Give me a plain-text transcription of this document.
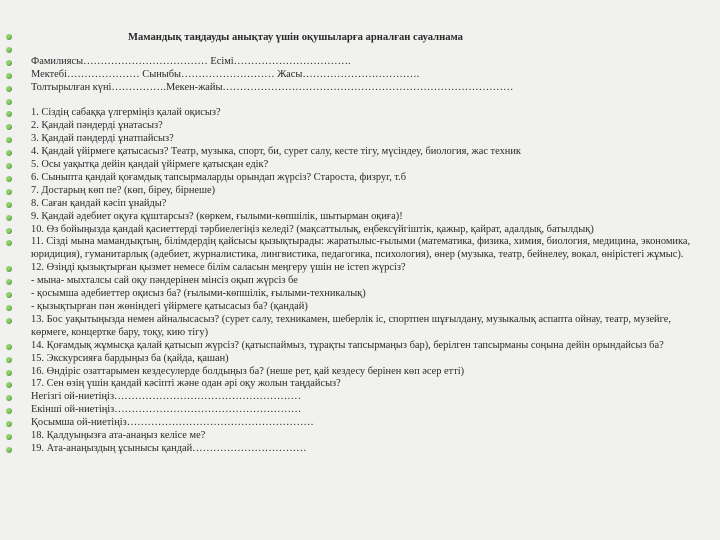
Мамандық таңдауды анықтау үшін оқушыларға арналған сауалнама
Фамилиясы……………………………… Есімі…………………………….
Мектебі………………… Сыныбы……………………… Жасы…………………………….
Толтырылған күні…………….Мекен-жайы…………………………………………………………………………
1. Сіздің сабаққа үлгерміңіз қалай оқисыз?
2. Қандай пәндерді ұнатасыз?
3. Қандай пәндерді ұнатпайсыз?
4. Қандай үйірмеге қатысасыз? Театр, музыка, спорт, би, сурет салу, кесте тігу, мүсіндеу, биология, жас техник
5. Осы уақытқа дейін қандай үйірмеге қатысқан едік?
6. Сыныпта қандай қоғамдық тапсырмаларды орындап жүрсіз? Староста, физруг, т.б
7. Достарың көп пе? (көп, біреу, бірнеше)
8. Саған қандай кәсіп ұнайды?
9. Қандай әдебиет оқуға құштарсыз? (көркем, ғылыми-көпшілік, шытырман оқиға)!
10. Өз бойыңызда қандай қасиеттерді тәрбиелегіңіз келеді? (мақсаттылық, еңбексүйгіштік, қажыр, қайрат, адалдық, батылдық)
11. Сізді мына мамандықтың, білімдердің қайсысы қызықтырады: жаратылыс-ғылыми (математика, физика, химия, биология, медицина, экономика, юридиция), гуманитарлық (әдебиет, журналистика, лингвистика, педагогика, психология), өнер (музыка, театр, бейнелеу, вокал, өнірістегі жұмыс).
12. Өзіңді қызықтырған қызмет немесе білім саласын меңгеру үшін не істеп жүрсіз?
- мына- мыхталсы сай оқу пәндерінен мінсіз оқып жүрсіз бе
- қосымша әдебиеттер оқисыз ба? (ғылыми-көпшілік, ғылыми-техникалық)
- қызықтырған пән жөніндегі үйірмеге қатысасыз ба? (қандай)
13. Бос уақытыңызда немен айналысасыз? (сурет салу, техникамен, шеберлік іс, спортпен шұғылдану, музыкалық аспапта ойнау, театр, музейге, көрмеге, концертке бару, тоқу, кию тігу)
14. Қоғамдық жұмысқа қалай қатысып жүрсіз? (қатыспаймыз, тұрақты тапсырмаңыз бар), берілген тапсырманы соңына дейін орындайсыз ба?
15. Экскурсияға бардыңыз ба (қайда, қашан)
16. Өндіріс озаттарымен кездесулерде болдыңыз ба? (неше рет, қай кездесу берінен көп әсер етті)
17. Сен өзің үшін қандай кәсіпті және одан әрі оқу жолын таңдайсыз?
Негізгі ой-ниетіңіз………………………………………………
Екінші ой-ниетіңіз………………………………………………
Қосымша ой-ниетіңіз………………………………………………
18. Қалдуыңызға ата-анаңыз келісе ме?
19. Ата-анаңыздың ұсынысы қандай……………………………
